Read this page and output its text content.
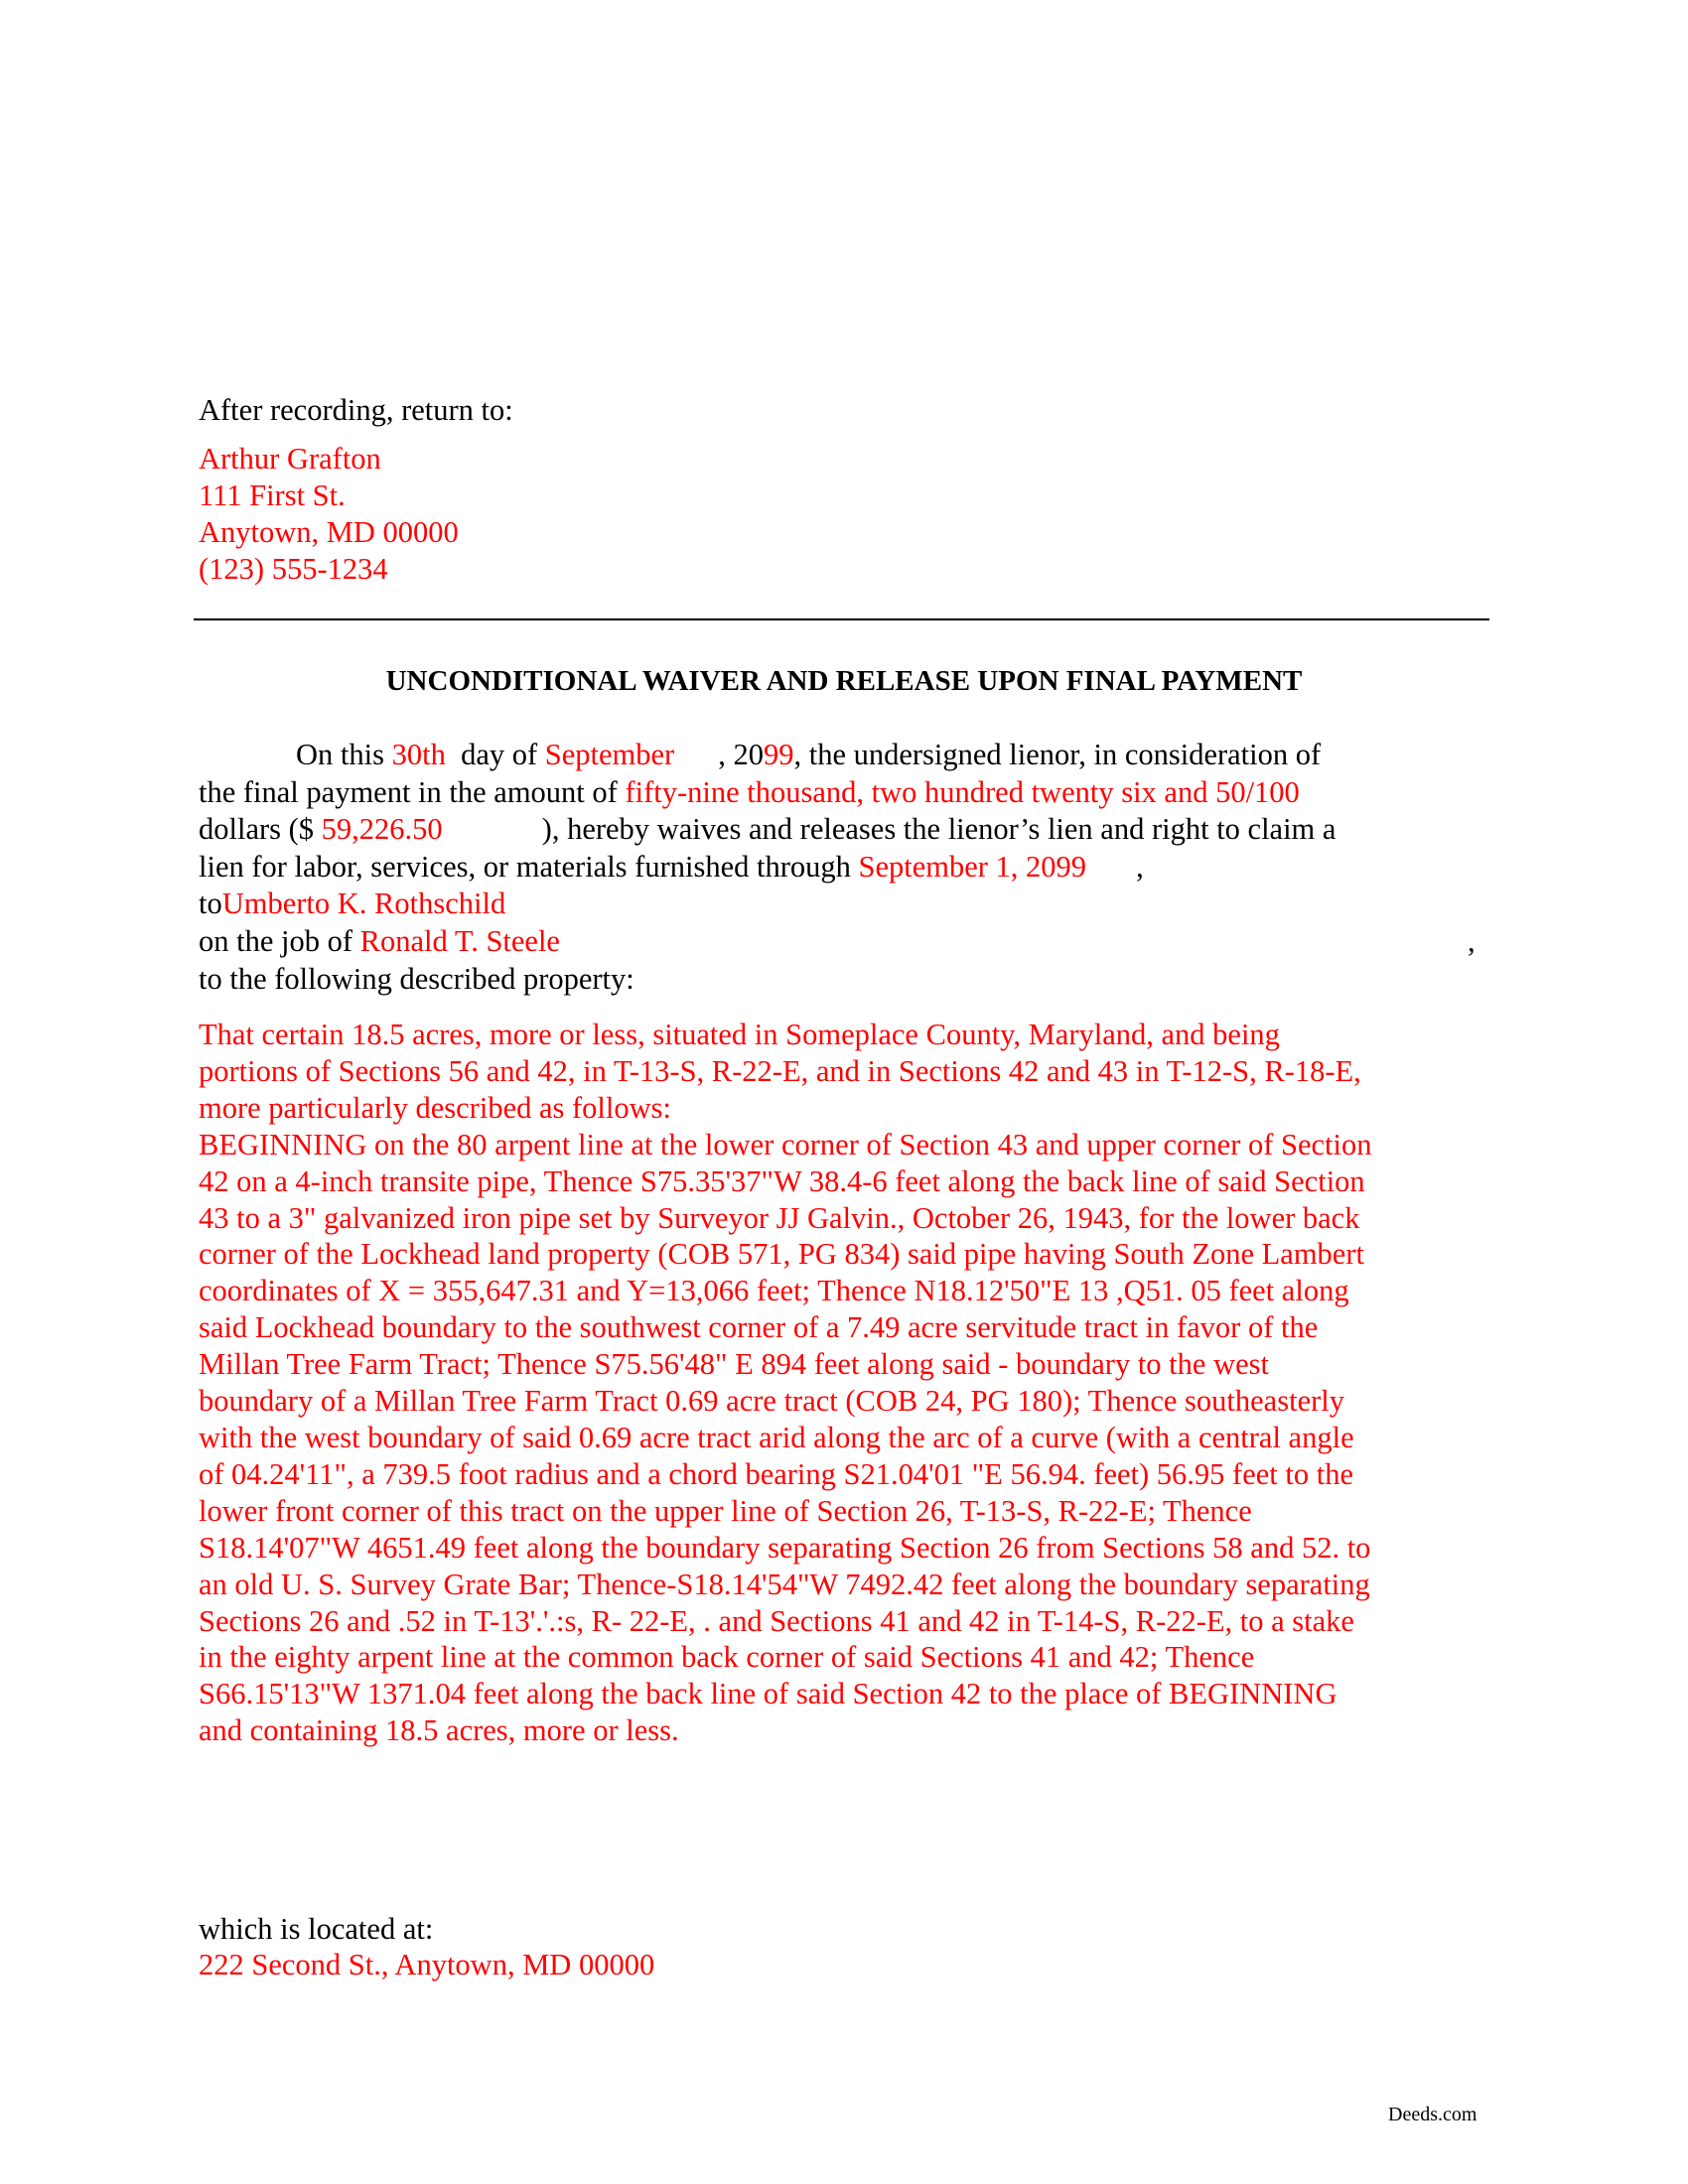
After recording, return to:
Arthur Grafton
111 First St.
Anytown, MD 00000
(123) 555-1234
UNCONDITIONAL WAIVER AND RELEASE UPON FINAL PAYMENT
On this 30th day of September , 2099, the undersigned lienor, in consideration of
the final payment in the amount of fifty-nine thousand, two hundred twenty six and 50/100
dollars ($ 59,226.50	), hereby waives and releases the lienor’s lien and right to claim a
lien for labor, services, or materials furnished through September 1, 2099 ,
toUmberto K. Rothschild
on the job of Ronald T. Steele	,
to the following described property:
That certain 18.5 acres, more or less, situated in Someplace County, Maryland, and being
portions of Sections 56 and 42, in T-13-S, R-22-E, and in Sections 42 and 43 in T-12-S, R-18-E,
more particularly described as follows:
BEGINNING on the 80 arpent line at the lower corner of Section 43 and upper corner of Section
42 on a 4-inch transite pipe, Thence S75.35'37"W 38.4-6 feet along the back line of said Section
43 to a 3" galvanized iron pipe set by Surveyor JJ Galvin., October 26, 1943, for the lower back
corner of the Lockhead land property (COB 571, PG 834) said pipe having South Zone Lambert
coordinates of X = 355,647.31 and Y=13,066 feet; Thence N18.12'50"E 13 ,Q51. 05 feet along
said Lockhead boundary to the southwest corner of a 7.49 acre servitude tract in favor of the
Millan Tree Farm Tract; Thence S75.56'48" E 894 feet along said - boundary to the west
boundary of a Millan Tree Farm Tract 0.69 acre tract (COB 24, PG 180); Thence southeasterly
with the west boundary of said 0.69 acre tract arid along the arc of a curve (with a central angle
of 04.24'11", a 739.5 foot radius and a chord bearing S21.04'01 "E 56.94. feet) 56.95 feet to the
lower front corner of this tract on the upper line of Section 26, T-13-S, R-22-E; Thence
S18.14'07"W 4651.49 feet along the boundary separating Section 26 from Sections 58 and 52. to
an old U. S. Survey Grate Bar; Thence-S18.14'54"W 7492.42 feet along the boundary separating
Sections 26 and .52 in T-13'.'.:s, R- 22-E, . and Sections 41 and 42 in T-14-S, R-22-E, to a stake
in the eighty arpent line at the common back corner of said Sections 41 and 42; Thence
S66.15'13"W 1371.04 feet along the back line of said Section 42 to the place of BEGINNING
and containing 18.5 acres, more or less.
which is located at:
222 Second St., Anytown, MD 00000
Deeds.com
